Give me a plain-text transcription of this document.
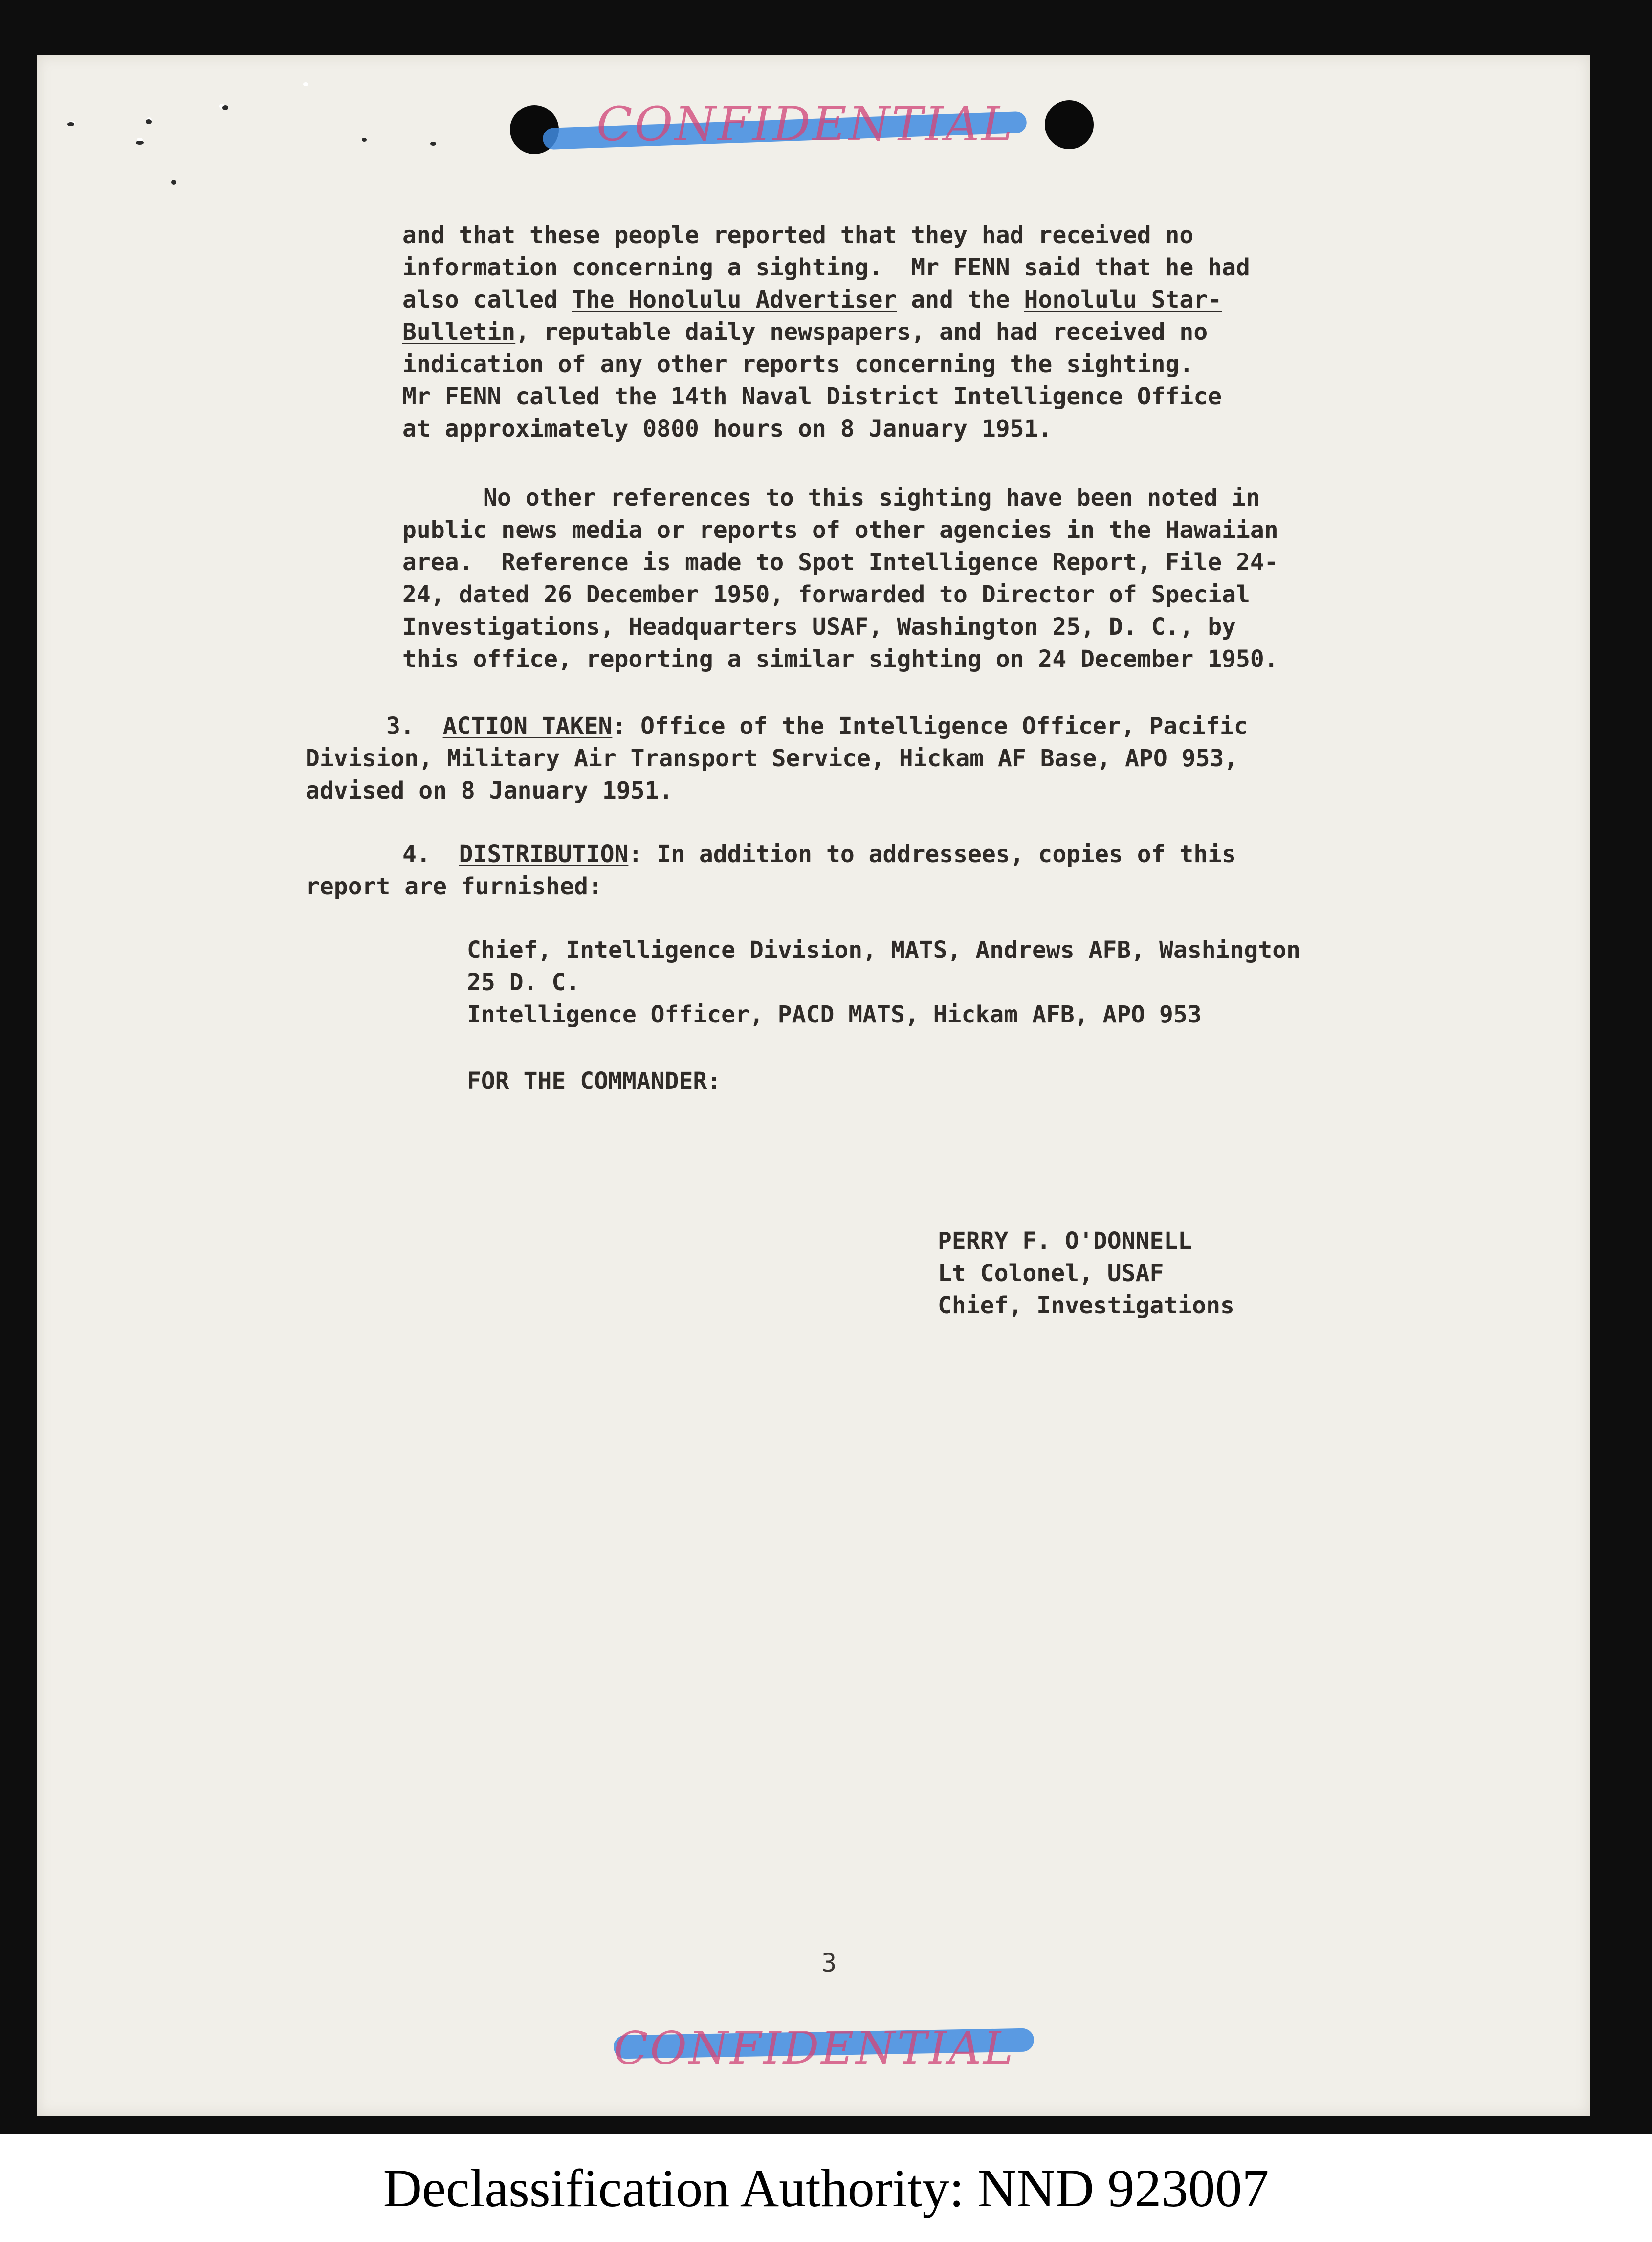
CONFIDENTIAL
and that these people reported that they had received no
information concerning a sighting.  Mr FENN said that he had
also called The Honolulu Advertiser and the Honolulu Star-
Bulletin, reputable daily newspapers, and had received no
indication of any other reports concerning the sighting.
Mr FENN called the 14th Naval District Intelligence Office
at approximately 0800 hours on 8 January 1951.
No other references to this sighting have been noted in
public news media or reports of other agencies in the Hawaiian
area.  Reference is made to Spot Intelligence Report, File 24-
24, dated 26 December 1950, forwarded to Director of Special
Investigations, Headquarters USAF, Washington 25, D. C., by
this office, reporting a similar sighting on 24 December 1950.
3. ACTION TAKEN: Office of the Intelligence Officer, Pacific
Division, Military Air Transport Service, Hickam AF Base, APO 953,
advised on 8 January 1951.
4. DISTRIBUTION: In addition to addressees, copies of this
report are furnished:
Chief, Intelligence Division, MATS, Andrews AFB, Washington
25 D. C.
Intelligence Officer, PACD MATS, Hickam AFB, APO 953
FOR THE COMMANDER:
PERRY F. O'DONNELL
Lt Colonel, USAF
Chief, Investigations
3
CONFIDENTIAL
Declassification Authority: NND 923007
